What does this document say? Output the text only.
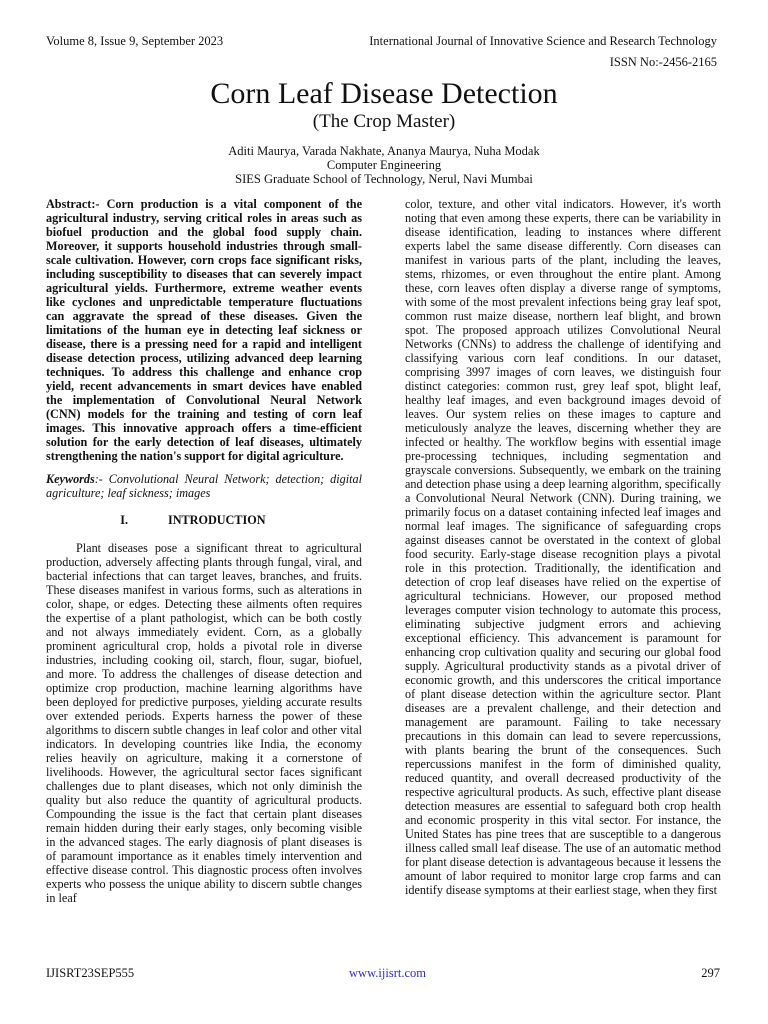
Volume 8, Issue 9, September 2023	International Journal of Innovative Science and Research Technology
ISSN No:-2456-2165
Corn Leaf Disease Detection
(The Crop Master)
Aditi Maurya, Varada Nakhate, Ananya Maurya, Nuha Modak
Computer Engineering
SIES Graduate School of Technology, Nerul, Navi Mumbai

Abstract:- Corn production is a vital component of the agricultural industry, serving critical roles in areas such as biofuel production and the global food supply chain. Moreover, it supports household industries through small-scale cultivation. However, corn crops face significant risks, including susceptibility to diseases that can severely impact agricultural yields. Furthermore, extreme weather events like cyclones and unpredictable temperature fluctuations can aggravate the spread of these diseases. Given the limitations of the human eye in detecting leaf sickness or disease, there is a pressing need for a rapid and intelligent disease detection process, utilizing advanced deep learning techniques. To address this challenge and enhance crop yield, recent advancements in smart devices have enabled the implementation of Convolutional Neural Network (CNN) models for the training and testing of corn leaf images. This innovative approach offers a time-efficient solution for the early detection of leaf diseases, ultimately strengthening the nation's support for digital agriculture.

Keywords:- Convolutional Neural Network; detection; digital agriculture; leaf sickness; images

I.	INTRODUCTION

Plant diseases pose a significant threat to agricultural production, adversely affecting plants through fungal, viral, and bacterial infections that can target leaves, branches, and fruits. These diseases manifest in various forms, such as alterations in color, shape, or edges. Detecting these ailments often requires the expertise of a plant pathologist, which can be both costly and not always immediately evident. Corn, as a globally prominent agricultural crop, holds a pivotal role in diverse industries, including cooking oil, starch, flour, sugar, biofuel, and more. To address the challenges of disease detection and optimize crop production, machine learning algorithms have been deployed for predictive purposes, yielding accurate results over extended periods. Experts harness the power of these algorithms to discern subtle changes in leaf color and other vital indicators. In developing countries like India, the economy relies heavily on agriculture, making it a cornerstone of livelihoods. However, the agricultural sector faces significant challenges due to plant diseases, which not only diminish the quality but also reduce the quantity of agricultural products. Compounding the issue is the fact that certain plant diseases remain hidden during their early stages, only becoming visible in the advanced stages. The early diagnosis of plant diseases is of paramount importance as it enables timely intervention and effective disease control. This diagnostic process often involves experts who possess the unique ability to discern subtle changes in leaf

color, texture, and other vital indicators. However, it's worth noting that even among these experts, there can be variability in disease identification, leading to instances where different experts label the same disease differently. Corn diseases can manifest in various parts of the plant, including the leaves, stems, rhizomes, or even throughout the entire plant. Among these, corn leaves often display a diverse range of symptoms, with some of the most prevalent infections being gray leaf spot, common rust maize disease, northern leaf blight, and brown spot. The proposed approach utilizes Convolutional Neural Networks (CNNs) to address the challenge of identifying and classifying various corn leaf conditions. In our dataset, comprising 3997 images of corn leaves, we distinguish four distinct categories: common rust, grey leaf spot, blight leaf, healthy leaf images, and even background images devoid of leaves. Our system relies on these images to capture and meticulously analyze the leaves, discerning whether they are infected or healthy. The workflow begins with essential image pre-processing techniques, including segmentation and grayscale conversions. Subsequently, we embark on the training and detection phase using a deep learning algorithm, specifically a Convolutional Neural Network (CNN). During training, we primarily focus on a dataset containing infected leaf images and normal leaf images. The significance of safeguarding crops against diseases cannot be overstated in the context of global food security. Early-stage disease recognition plays a pivotal role in this protection. Traditionally, the identification and detection of crop leaf diseases have relied on the expertise of agricultural technicians. However, our proposed method leverages computer vision technology to automate this process, eliminating subjective judgment errors and achieving exceptional efficiency. This advancement is paramount for enhancing crop cultivation quality and securing our global food supply. Agricultural productivity stands as a pivotal driver of economic growth, and this underscores the critical importance of plant disease detection within the agriculture sector. Plant diseases are a prevalent challenge, and their detection and management are paramount. Failing to take necessary precautions in this domain can lead to severe repercussions, with plants bearing the brunt of the consequences. Such repercussions manifest in the form of diminished quality, reduced quantity, and overall decreased productivity of the respective agricultural products. As such, effective plant disease detection measures are essential to safeguard both crop health and economic prosperity in this vital sector. For instance, the United States has pine trees that are susceptible to a dangerous illness called small leaf disease. The use of an automatic method for plant disease detection is advantageous because it lessens the amount of labor required to monitor large crop farms and can identify disease symptoms at their earliest stage, when they first

IJISRT23SEP555	www.ijisrt.com	297
